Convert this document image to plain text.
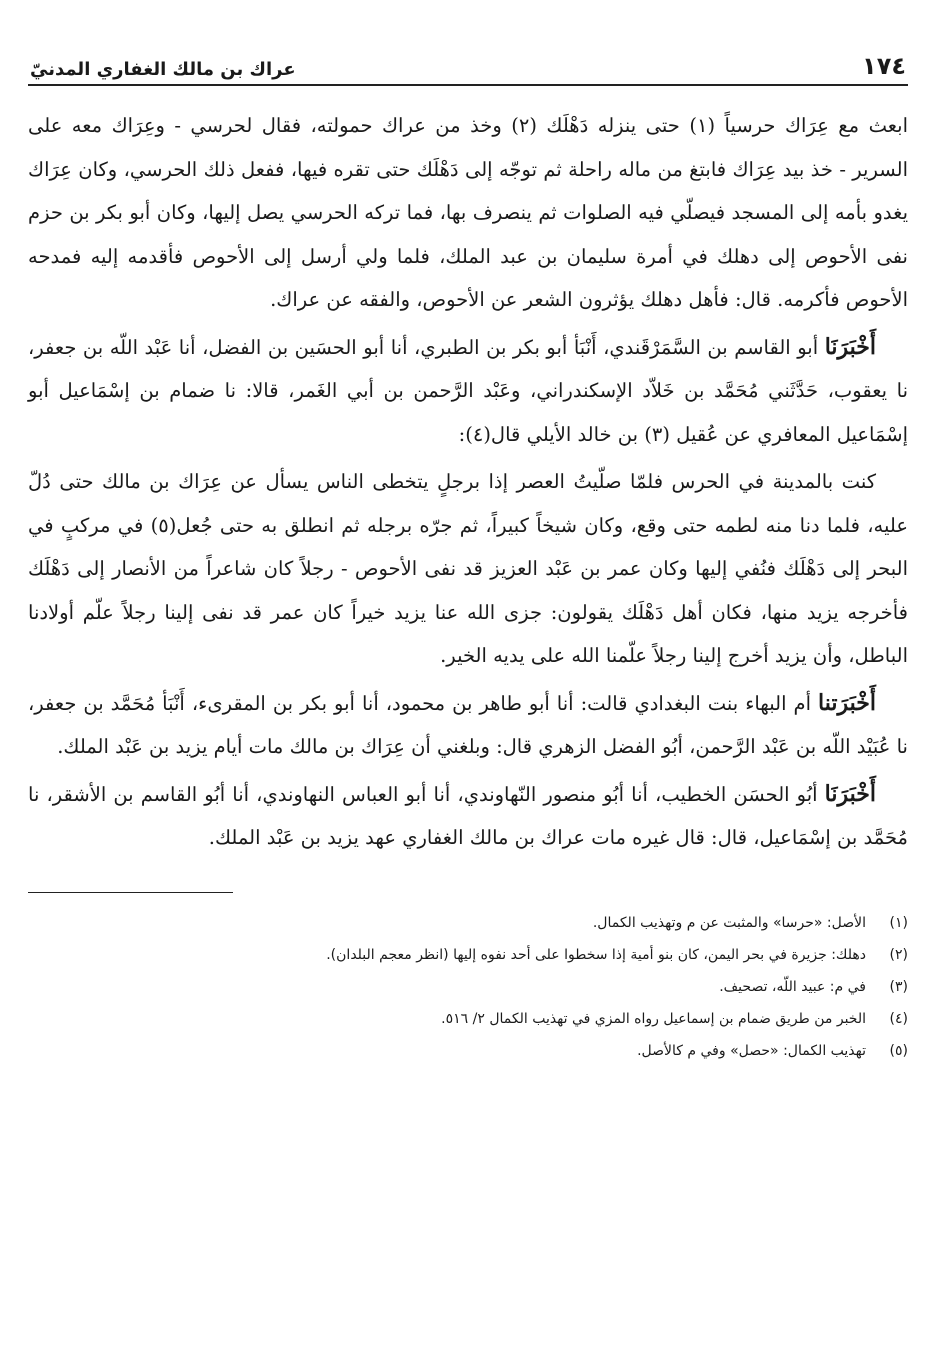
١٧٤
عراك بن مالك الغفاري المدنيّ

ابعث مع عِرَاك حرسياً (١) حتى ينزله دَهْلَك (٢) وخذ من عراك حمولته، فقال لحرسي - وعِرَاك معه على السرير - خذ بيد عِرَاك فابتغ من ماله راحلة ثم توجّه إلى دَهْلَك حتى تقره فيها، ففعل ذلك الحرسي، وكان عِرَاك يغدو بأمه إلى المسجد فيصلّي فيه الصلوات ثم ينصرف بها، فما تركه الحرسي يصل إليها، وكان أبو بكر بن حزم نفى الأحوص إلى دهلك في أمرة سليمان بن عبد الملك، فلما ولي أرسل إلى الأحوص فأقدمه إليه فمدحه الأحوص فأكرمه. قال: فأهل دهلك يؤثرون الشعر عن الأحوص، والفقه عن عراك.

أَخْبَرَنَا أبو القاسم بن السَّمَرْقَندي، أَنْبَأ أبو بكر بن الطبري، أنا أبو الحسَين بن الفضل، أنا عَبْد اللّه بن جعفر، نا يعقوب، حَدَّثَني مُحَمَّد بن خَلاّد الإسكندراني، وعَبْد الرَّحمن بن أبي الغَمر، قالا: نا ضمام بن إسْمَاعيل أبو إسْمَاعيل المعافري عن عُقيل (٣) بن خالد الأيلي قال(٤):

كنت بالمدينة في الحرس فلمّا صلّيتُ العصر إذا برجلٍ يتخطى الناس يسأل عن عِرَاك بن مالك حتى دُلّ عليه، فلما دنا منه لطمه حتى وقع، وكان شيخاً كبيراً، ثم جرّه برجله ثم انطلق به حتى جُعل(٥) في مركبٍ في البحر إلى دَهْلَك فنُفي إليها وكان عمر بن عَبْد العزيز قد نفى الأحوص - رجلاً كان شاعراً من الأنصار إلى دَهْلَك فأخرجه يزيد منها، فكان أهل دَهْلَك يقولون: جزى الله عنا يزيد خيراً كان عمر قد نفى إلينا رجلاً علّم أولادنا الباطل، وأن يزيد أخرج إلينا رجلاً علّمنا الله على يديه الخير.

أَخْبَرَتنا أم البهاء بنت البغدادي قالت: أنا أبو طاهر بن محمود، أنا أبو بكر بن المقرىء، أَنْبَأ مُحَمَّد بن جعفر، نا عُبَيْد اللّه بن عَبْد الرَّحمن، أبُو الفضل الزهري قال: وبلغني أن عِرَاك بن مالك مات أيام يزيد بن عَبْد الملك.

أَخْبَرَنَا أبُو الحسَن الخطيب، أنا أبُو منصور النّهاوندي، أنا أبو العباس النهاوندي، أنا أبُو القاسم بن الأشقر، نا مُحَمَّد بن إسْمَاعيل، قال: قال غيره مات عراك بن مالك الغفاري عهد يزيد بن عَبْد الملك.

(١)
الأصل: «حرسا» والمثبت عن م وتهذيب الكمال.
(٢)
دهلك: جزيرة في بحر اليمن، كان بنو أمية إذا سخطوا على أحد نفوه إليها (انظر معجم البلدان).
(٣)
في م: عبيد اللّه، تصحيف.
(٤)
الخبر من طريق ضمام بن إسماعيل رواه المزي في تهذيب الكمال ٢/ ٥١٦.
(٥)
تهذيب الكمال: «حصل» وفي م كالأصل.
